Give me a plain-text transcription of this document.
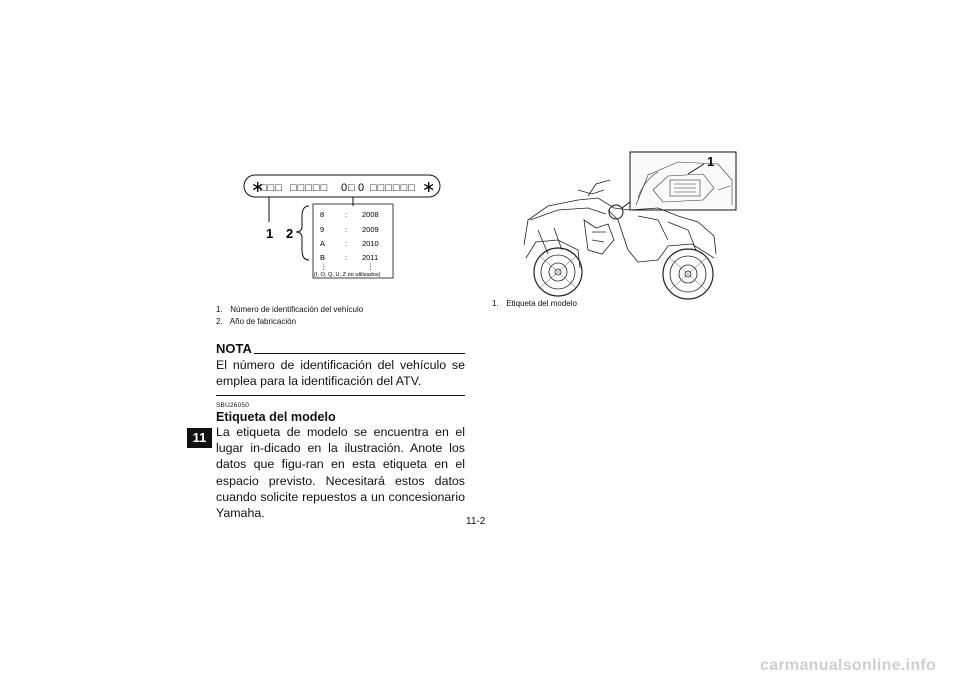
11
∗
□□□ □□□□□ 0 □ 0 □□□□□□ ∗
1 2
8	: 2008
9	: 2009
A	: 2010
B	: 2011
⋮	⋮
(I, O, Q, U, Z no utilizados)
1. Número de identificación del vehículo
2. Año de fabricación
1
1. Etiqueta del modelo
NOTA
El número de identificación del vehículo se emplea para la identificación del ATV.
SBU26050
Etiqueta del modelo
La etiqueta de modelo se encuentra en el lugar in-dicado en la ilustración. Anote los datos que figu-ran en esta etiqueta en el espacio previsto. Necesitará estos datos cuando solicite repuestos a un concesionario Yamaha.
11-2
carmanualsonline.info
